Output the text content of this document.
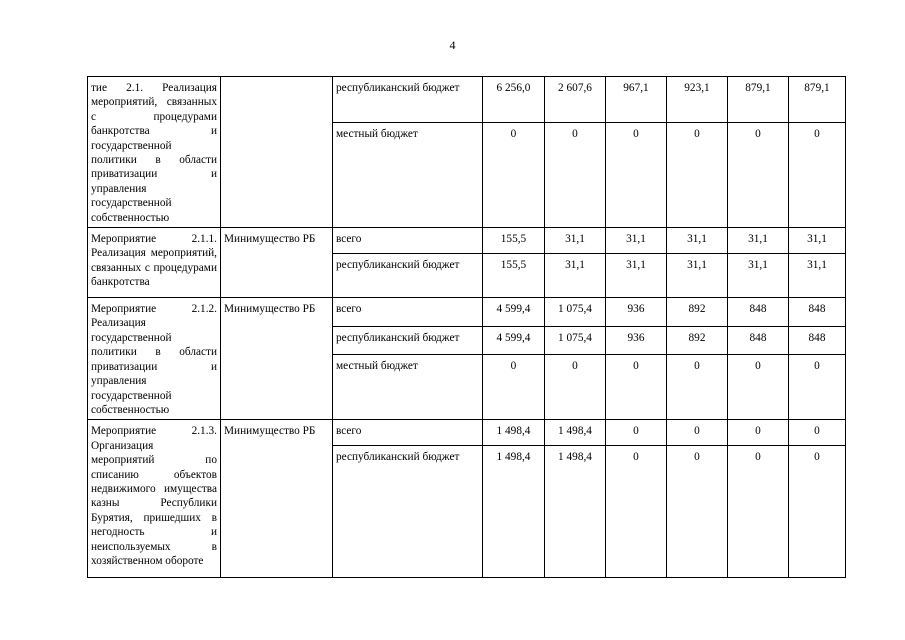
4
тие 2.1. Реализация мероприятий, связанных с процедурами банкротства и государственной политики в области приватизации и управления государственной собственностью		республиканский бюджет	6 256,0	2 607,6	967,1	923,1	879,1	879,1
		местный бюджет	0	0	0	0	0	0
Мероприятие 2.1.1. Реализация мероприятий, связанных с процедурами банкротства	Минимущество РБ	всего	155,5	31,1	31,1	31,1	31,1	31,1
		республиканский бюджет	155,5	31,1	31,1	31,1	31,1	31,1
Мероприятие 2.1.2. Реализация государственной политики в области приватизации и управления государственной собственностью	Минимущество РБ	всего	4 599,4	1 075,4	936	892	848	848
		республиканский бюджет	4 599,4	1 075,4	936	892	848	848
		местный бюджет	0	0	0	0	0	0
Мероприятие 2.1.3. Организация мероприятий по списанию объектов недвижимого имущества казны Республики Бурятия, пришедших в негодность и неиспользуемых в хозяйственном обороте	Минимущество РБ	всего	1 498,4	1 498,4	0	0	0	0
		республиканский бюджет	1 498,4	1 498,4	0	0	0	0
